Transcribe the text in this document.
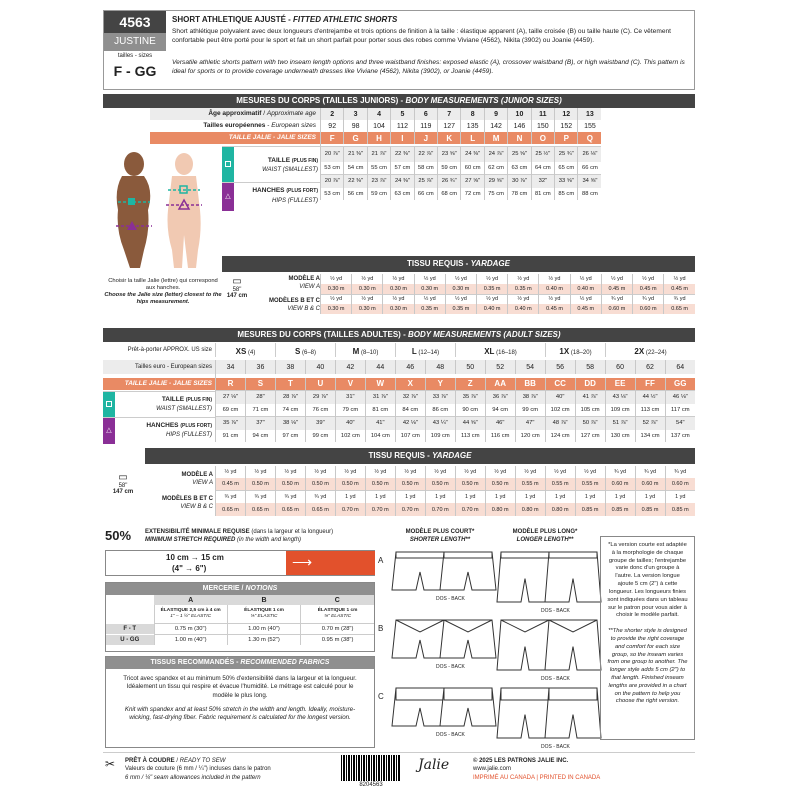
4563
JUSTINE
tailles - sizes
F - GG
SHORT ATHLETIQUE AJUSTÉ - FITTED ATHLETIC SHORTS
Short athlétique polyvalent avec deux longueurs d'entrejambe et trois options de finition à la taille : élastique apparent (A), taille croisée (B) ou taille haute (C). Ce vêtement confortable peut être porté pour le sport et fait un short parfait pour porter sous des robes comme Viviane (4562), Nikita (3902) ou Joanie (4459).
Versatile athletic shorts pattern with two inseam length options and three waistband finishes: exposed elastic (A), crossover waistband (B), or high waistband (C). This pattern is ideal for sports or to provide coverage underneath dresses like Viviane (4562), Nikita (3902), or Joanie (4459).
MESURES DU CORPS (TAILLES JUNIORS) - BODY MEASUREMENTS (JUNIOR SIZES)
Choisir la taille Jalie (lettre) qui correspond aux hanches.
Choose the Jalie size (letter) closest to the hips measurement.
Âge approximatif / Approximate age
Tailles européennes - European sizes
TAILLE JALIE - JALIE SIZES
TAILLE (PLUS FIN)
WAIST (SMALLEST)
△
HANCHES (PLUS FORT)
HIPS (FULLEST)
2	3	4	5	6	7	8	9	10	11	12	13
92	98	104	112	119	127	135	142	146	150	152	155
F	G	H	I	J	K	L	M	N	O	P	Q

20 ⅞"	21 ⅜"	21 ⅞"	22 ⅜"	22 ⅞"	23 ⅝"	24 ⅜"	24 ⅞"	25 ⅝"	25 ½"	25 ¾"	26 ⅛"
53 cm	54 cm	55 cm	57 cm	58 cm	59 cm	60 cm	62 cm	63 cm	64 cm	65 cm	66 cm
20 ⅞"	22 ⅜"	23 ⅞"	24 ⅜"	25 ⅞"	26 ¾"	27 ⅝"	29 ⅝"	30 ⅞"	32"	33 ⅝"	34 ⅝"
53 cm	56 cm	59 cm	63 cm	66 cm	68 cm	72 cm	75 cm	78 cm	81 cm	85 cm	88 cm
TISSU REQUIS - YARDAGE
▭
58"
147 cm
MODÈLE A
VIEW A
MODÈLES B ET C
VIEW B & C
½ yd	½ yd	½ yd	½ yd	½ yd	½ yd	½ yd	½ yd	½ yd	½ yd	½ yd	½ yd
0.30 m	0.30 m	0.30 m	0.30 m	0.30 m	0.35 m	0.35 m	0.40 m	0.40 m	0.45 m	0.45 m	0.45 m
½ yd	½ yd	½ yd	½ yd	½ yd	½ yd	½ yd	½ yd	½ yd	¾ yd	¾ yd	¾ yd
0.30 m	0.30 m	0.30 m	0.35 m	0.35 m	0.40 m	0.40 m	0.45 m	0.45 m	0.60 m	0.60 m	0.65 m
MESURES DU CORPS (TAILLES ADULTES) - BODY MEASUREMENTS (ADULT SIZES)
Prêt-à-porter APPROX. US size	XS (4)	S (6–8)	M (8–10)	L (12–14)	XL (16–18)	1X (18–20)	2X (22–24)
Tailles euro - European sizes
TAILLE JALIE - JALIE SIZES
TAILLE (PLUS FIN)
WAIST (SMALLEST)
△
HANCHES (PLUS FORT)
HIPS (FULLEST)
34	36	38	40	42	44	46	48	50	52	54	56	58	60	62	64

R	S	T	U	V	W	X	Y	Z	AA	BB	CC	DD	EE	FF	GG
27 ⅛"	28"	28 ⅞"	29 ⅞"	31"	31 ⅞"	32 ⅞"	33 ⅞"	35 ⅞"	36 ⅞"	38 ⅞"	40"	41 ⅞"	43 ⅛"	44 ½"	46 ⅛"
69 cm	71 cm	74 cm	76 cm	79 cm	81 cm	84 cm	86 cm	90 cm	94 cm	99 cm	102 cm	105 cm	109 cm	113 cm	117 cm
35 ⅞"	37"	38 ⅛"	39"	40"	41"	42 ⅛"	43 ¼"	44 ⅝"	46"	47"	48 ⅞"	50 ⅞"	51 ⅞"	52 ⅞"	54"
91 cm	94 cm	97 cm	99 cm	102 cm	104 cm	107 cm	109 cm	113 cm	116 cm	120 cm	124 cm	127 cm	130 cm	134 cm	137 cm
TISSU REQUIS - YARDAGE
▭
58"
147 cm
MODÈLE A
VIEW A
MODÈLES B ET C
VIEW B & C
½ yd	½ yd	½ yd	½ yd	½ yd	½ yd	½ yd	½ yd	½ yd	½ yd	½ yd	½ yd	½ yd	¾ yd	¾ yd	¾ yd
0.45 m	0.50 m	0.50 m	0.50 m	0.50 m	0.50 m	0.50 m	0.50 m	0.50 m	0.50 m	0.55 m	0.55 m	0.55 m	0.60 m	0.60 m	0.60 m
¾ yd	¾ yd	¾ yd	¾ yd	1 yd	1 yd	1 yd	1 yd	1 yd	1 yd	1 yd	1 yd	1 yd	1 yd	1 yd	1 yd
0.65 m	0.65 m	0.65 m	0.65 m	0.70 m	0.70 m	0.70 m	0.70 m	0.70 m	0.80 m	0.80 m	0.80 m	0.85 m	0.85 m	0.85 m	0.85 m
50% EXTENSIBILITÉ MINIMALE REQUISE (dans la largeur et la longueur)
MINIMUM STRETCH REQUIRED (in the width and length)
10 cm → 15 cm
(4" → 6")	⟶
MERCERIE / NOTIONS
	A	B	C
	ÉLASTIQUE 2,5 cm à 4 cm
1" – 1 ½" ELASTIC	ÉLASTIQUE 1 cm
⅜" ELASTIC	ÉLASTIQUE 1 cm
⅜" ELASTIC
F - T	0.75 m (30")	1.00 m (40")	0.70 m (28")
U - GG	1.00 m (40")	1.30 m (52")	0.95 m (38")
TISSUS RECOMMANDÉS - RECOMMENDED FABRICS
Tricot avec spandex et au minimum 50% d'extensibilité dans la largeur et la longueur. Idéalement un tissu qui respire et évacue l'humidité. Le métrage est calculé pour le modèle le plus long.
Knit with spandex and at least 50% stretch in the width and length. Ideally, moisture-wicking, fast-drying fiber. Fabric requirement is calculated for the longest version.
MODÈLE PLUS COURT*
SHORTER LENGTH**
MODÈLE PLUS LONG*
LONGER LENGTH**
A
DOS - BACK
DOS - BACK
B
DOS - BACK
DOS - BACK
C
DOS - BACK
DOS - BACK
*La version courte est adaptée à la morphologie de chaque groupe de tailles; l'entrejambe varie donc d'un groupe à l'autre. La version longue ajoute 5 cm (2") à cette longueur. Les longueurs finies sont indiquées dans un tableau sur le patron pour vous aider à choisir le modèle parfait.
**The shorter style is designed to provide the right coverage and comfort for each size group, so the inseam varies from one group to another. The longer style adds 5 cm (2") to that length. Finished inseam lengths are provided in a chart on the pattern to help you choose the right version.
✂ PRÊT À COUDRE / READY TO SEW
Valeurs de couture (6 mm / ¼") incluses dans le patron
6 mm / ¼" seam allowances included in the pattern
8204563
Jalie	© 2025 LES PATRONS JALIE INC.
www.jalie.com
IMPRIMÉ AU CANADA | PRINTED IN CANADA
